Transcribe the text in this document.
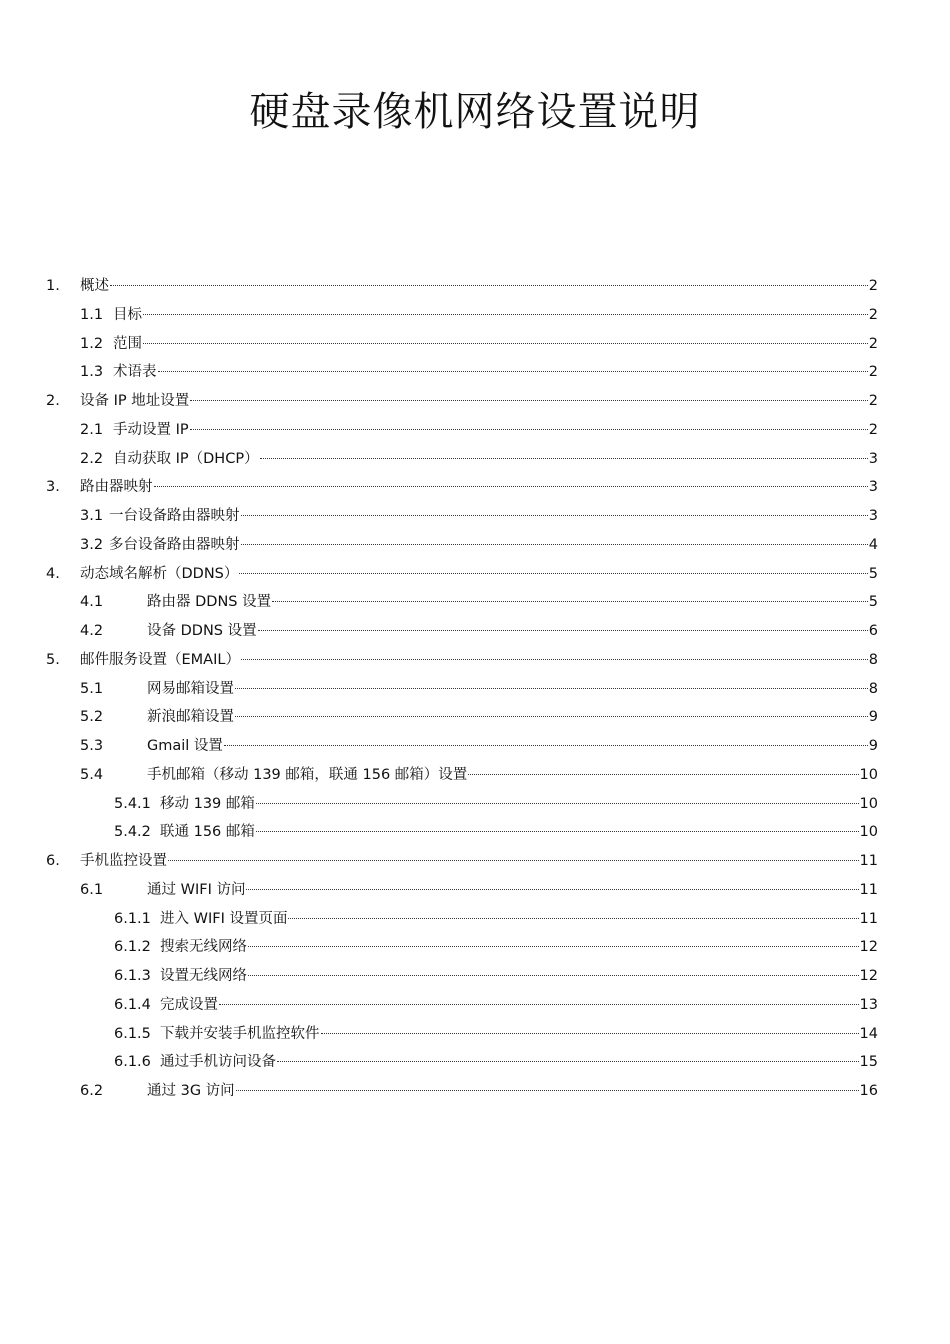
硬盘录像机网络设置说明
1. 概述	2
1.1 目标	2
1.2 范围	2
1.3 术语表	2
2. 设备 IP 地址设置	2
2.1 手动设置 IP	2
2.2 自动获取 IP（DHCP）	3
3. 路由器映射	3
3.1 一台设备路由器映射	3
3.2 多台设备路由器映射	4
4. 动态域名解析（DDNS）	5
4.1	路由器 DDNS 设置	5
4.2	设备 DDNS 设置	6
5. 邮件服务设置（EMAIL）	8
5.1	网易邮箱设置	8
5.2	新浪邮箱设置	9
5.3	Gmail 设置	9
5.4	手机邮箱（移动 139 邮箱，联通 156 邮箱）设置	10
5.4.1 移动 139 邮箱	10
5.4.2 联通 156 邮箱	10
6. 手机监控设置	11
6.1	通过 WIFI 访问	11
6.1.1 进入 WIFI 设置页面	11
6.1.2 搜索无线网络	12
6.1.3 设置无线网络	12
6.1.4 完成设置	13
6.1.5 下载并安装手机监控软件	14
6.1.6 通过手机访问设备	15
6.2	通过 3G 访问	16
